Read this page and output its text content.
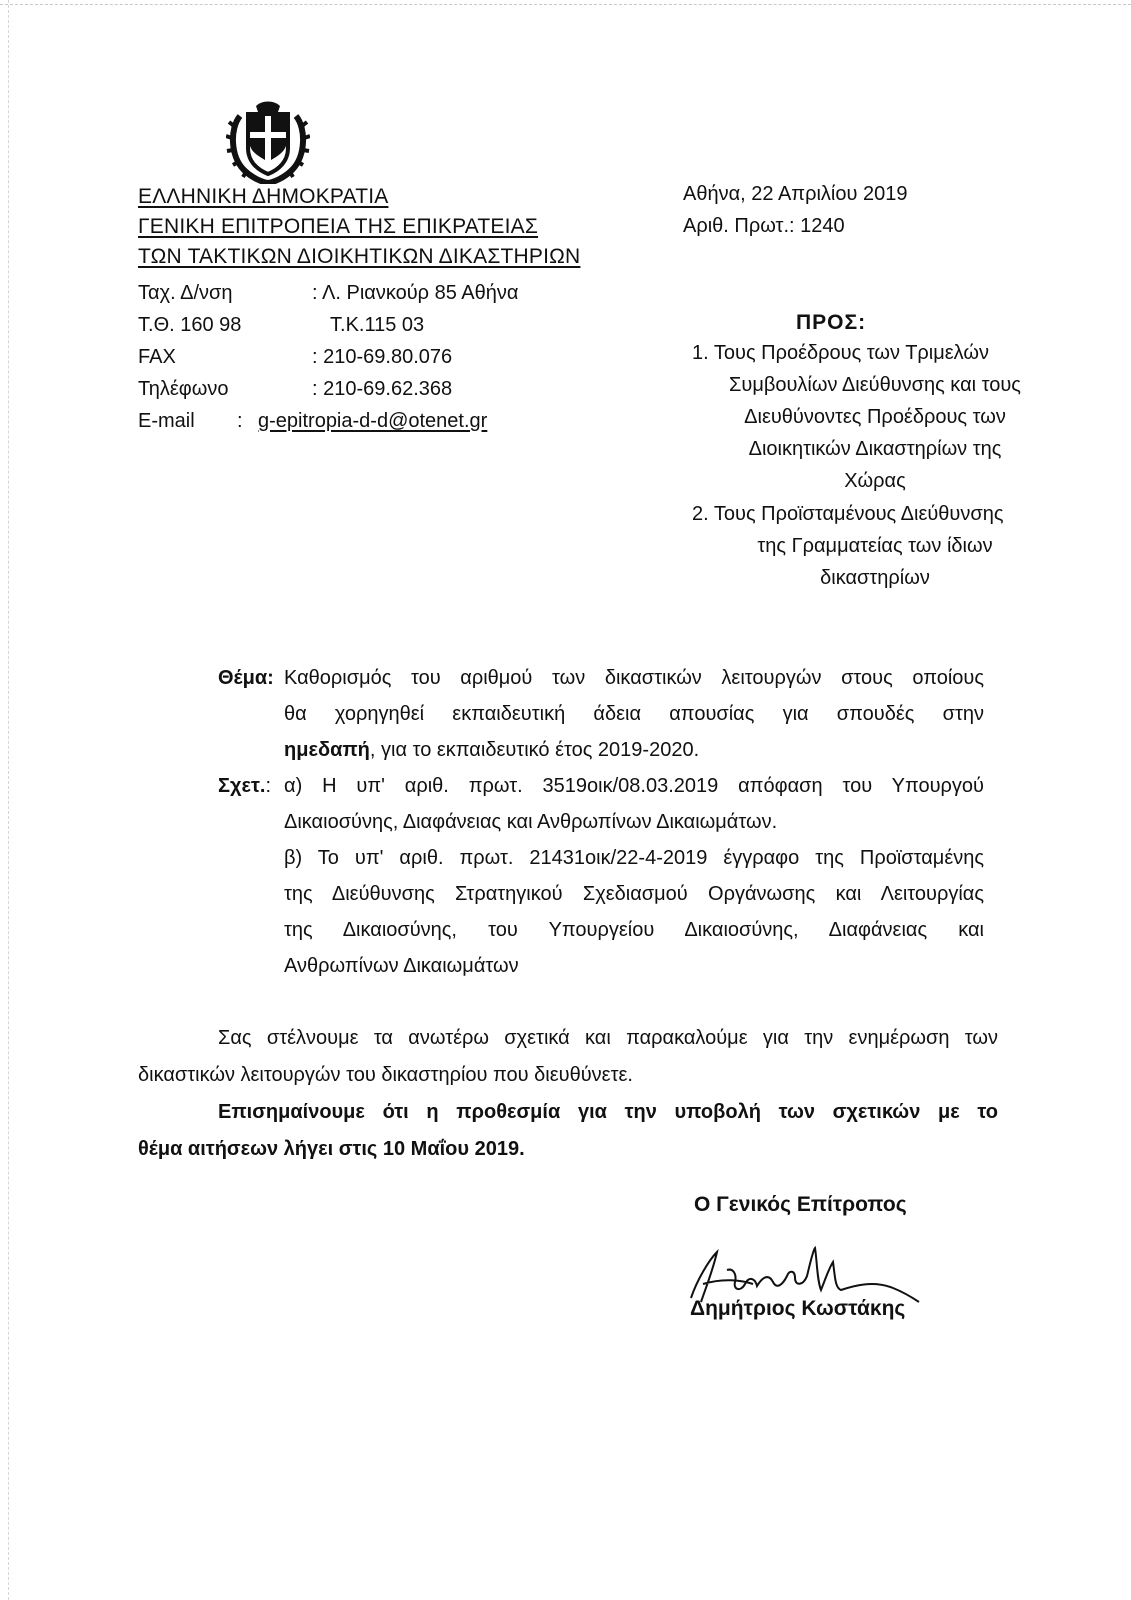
ΕΛΛΗΝΙΚΗ ΔΗΜΟΚΡΑΤΙΑ
ΓΕΝΙΚΗ ΕΠΙΤΡΟΠΕΙΑ ΤΗΣ ΕΠΙΚΡΑΤΕΙΑΣ
ΤΩΝ ΤΑΚΤΙΚΩΝ ΔΙΟΙΚΗΤΙΚΩΝ ΔΙΚΑΣΤΗΡΙΩΝ
Ταχ. Δ/νση	: Λ. Ριανκούρ 85 Αθήνα
Τ.Θ. 160 98	Τ.Κ.115 03
FAX	: 210-69.80.076
Τηλέφωνο	: 210-69.62.368
E-mail : g-epitropia-d-d@otenet.gr
Αθήνα, 22 Απριλίου 2019
Αριθ. Πρωτ.: 1240
ΠΡΟΣ:
1. Τους Προέδρους των Τριμελών
Συμβουλίων Διεύθυνσης και τους
Διευθύνοντες Προέδρους των
Διοικητικών Δικαστηρίων της
Χώρας
2. Τους Προϊσταμένους Διεύθυνσης
της Γραμματείας των ίδιων
δικαστηρίων
Θέμα: Καθορισμός του αριθμού των δικαστικών λειτουργών στους οποίους
θα χορηγηθεί εκπαιδευτική άδεια απουσίας για σπουδές στην
ημεδαπή, για το εκπαιδευτικό έτος 2019-2020.
Σχετ.: α) Η υπ' αριθ. πρωτ. 3519οικ/08.03.2019 απόφαση του Υπουργού
Δικαιοσύνης, Διαφάνειας και Ανθρωπίνων Δικαιωμάτων.
β) Το υπ' αριθ. πρωτ. 21431οικ/22-4-2019 έγγραφο της Προϊσταμένης
της Διεύθυνσης Στρατηγικού Σχεδιασμού Οργάνωσης και Λειτουργίας
της Δικαιοσύνης, του Υπουργείου Δικαιοσύνης, Διαφάνειας και
Ανθρωπίνων Δικαιωμάτων
Σας στέλνουμε τα ανωτέρω σχετικά και παρακαλούμε για την ενημέρωση των
δικαστικών λειτουργών του δικαστηρίου που διευθύνετε.
Επισημαίνουμε ότι η προθεσμία για την υποβολή των σχετικών με το
θέμα αιτήσεων λήγει στις 10 Μαΐου 2019.
Ο Γενικός Επίτροπος
Δημήτριος Κωστάκης
